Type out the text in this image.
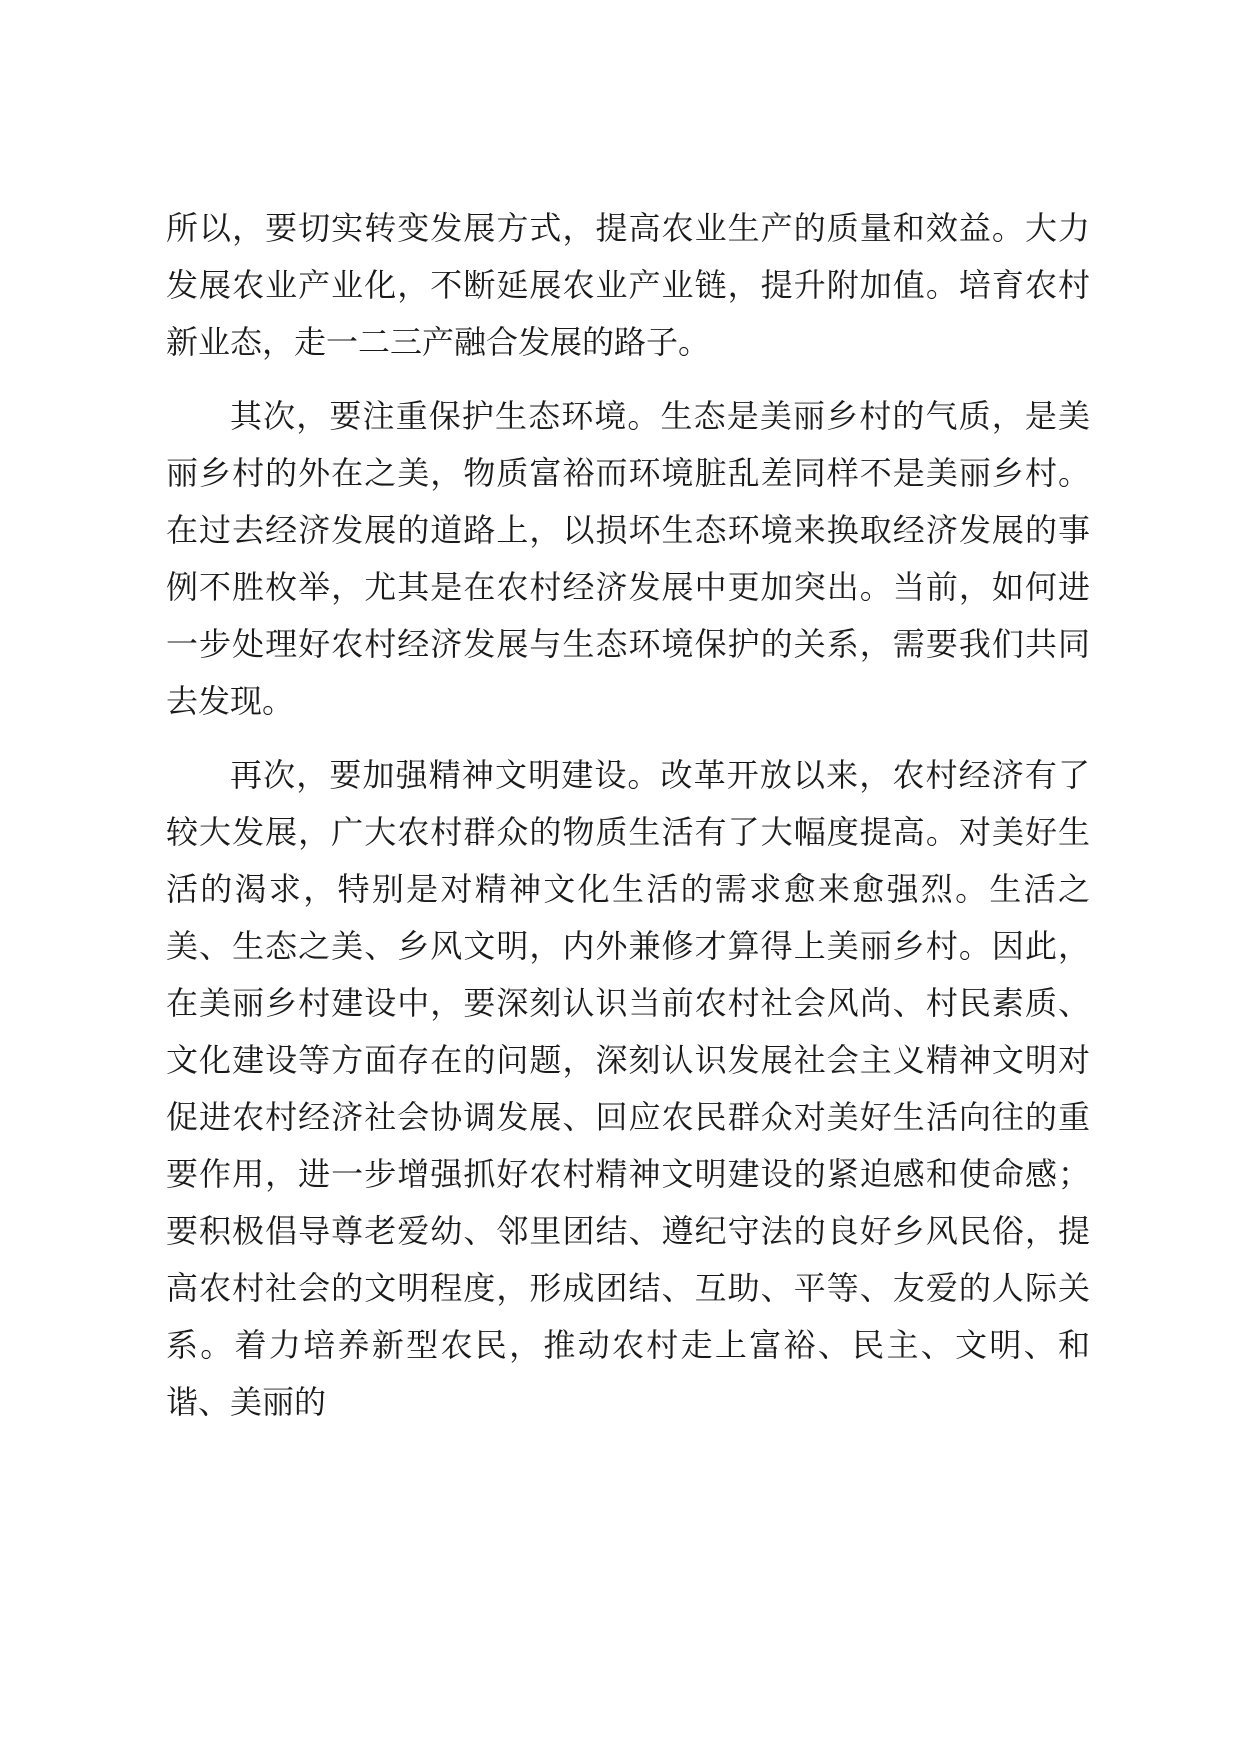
所以，要切实转变发展方式，提高农业生产的质量和效益。大力发展农业产业化，不断延展农业产业链，提升附加值。培育农村新业态，走一二三产融合发展的路子。

其次，要注重保护生态环境。生态是美丽乡村的气质，是美丽乡村的外在之美，物质富裕而环境脏乱差同样不是美丽乡村。在过去经济发展的道路上，以损坏生态环境来换取经济发展的事例不胜枚举，尤其是在农村经济发展中更加突出。当前，如何进一步处理好农村经济发展与生态环境保护的关系，需要我们共同去发现。

再次，要加强精神文明建设。改革开放以来，农村经济有了较大发展，广大农村群众的物质生活有了大幅度提高。对美好生活的渴求，特别是对精神文化生活的需求愈来愈强烈。生活之美、生态之美、乡风文明，内外兼修才算得上美丽乡村。因此，在美丽乡村建设中，要深刻认识当前农村社会风尚、村民素质、文化建设等方面存在的问题，深刻认识发展社会主义精神文明对促进农村经济社会协调发展、回应农民群众对美好生活向往的重要作用，进一步增强抓好农村精神文明建设的紧迫感和使命感；要积极倡导尊老爱幼、邻里团结、遵纪守法的良好乡风民俗，提高农村社会的文明程度，形成团结、互助、平等、友爱的人际关系。着力培养新型农民，推动农村走上富裕、民主、文明、和谐、美丽的
